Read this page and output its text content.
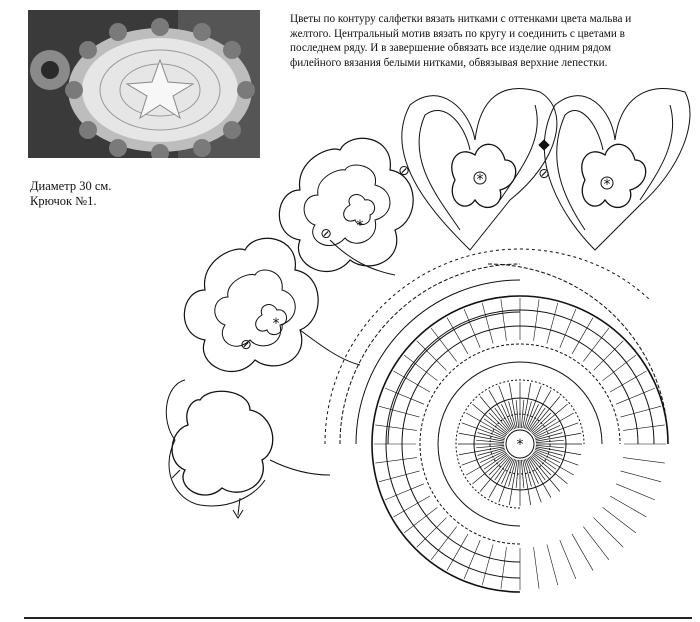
Цветы по контуру салфетки вязать нитками с оттенками цвета мальва и желтого. Центральный мотив вязать по кругу и соединить с цветами в последнем ряду. И в завершение обвязать все изделие одним рядом филейного вязания белыми нитками, обвязывая верхние лепестки.
Диаметр 30 см.
Крючок №1.
*
*
*
*	*
⊘
⊘
⊘	⊘
